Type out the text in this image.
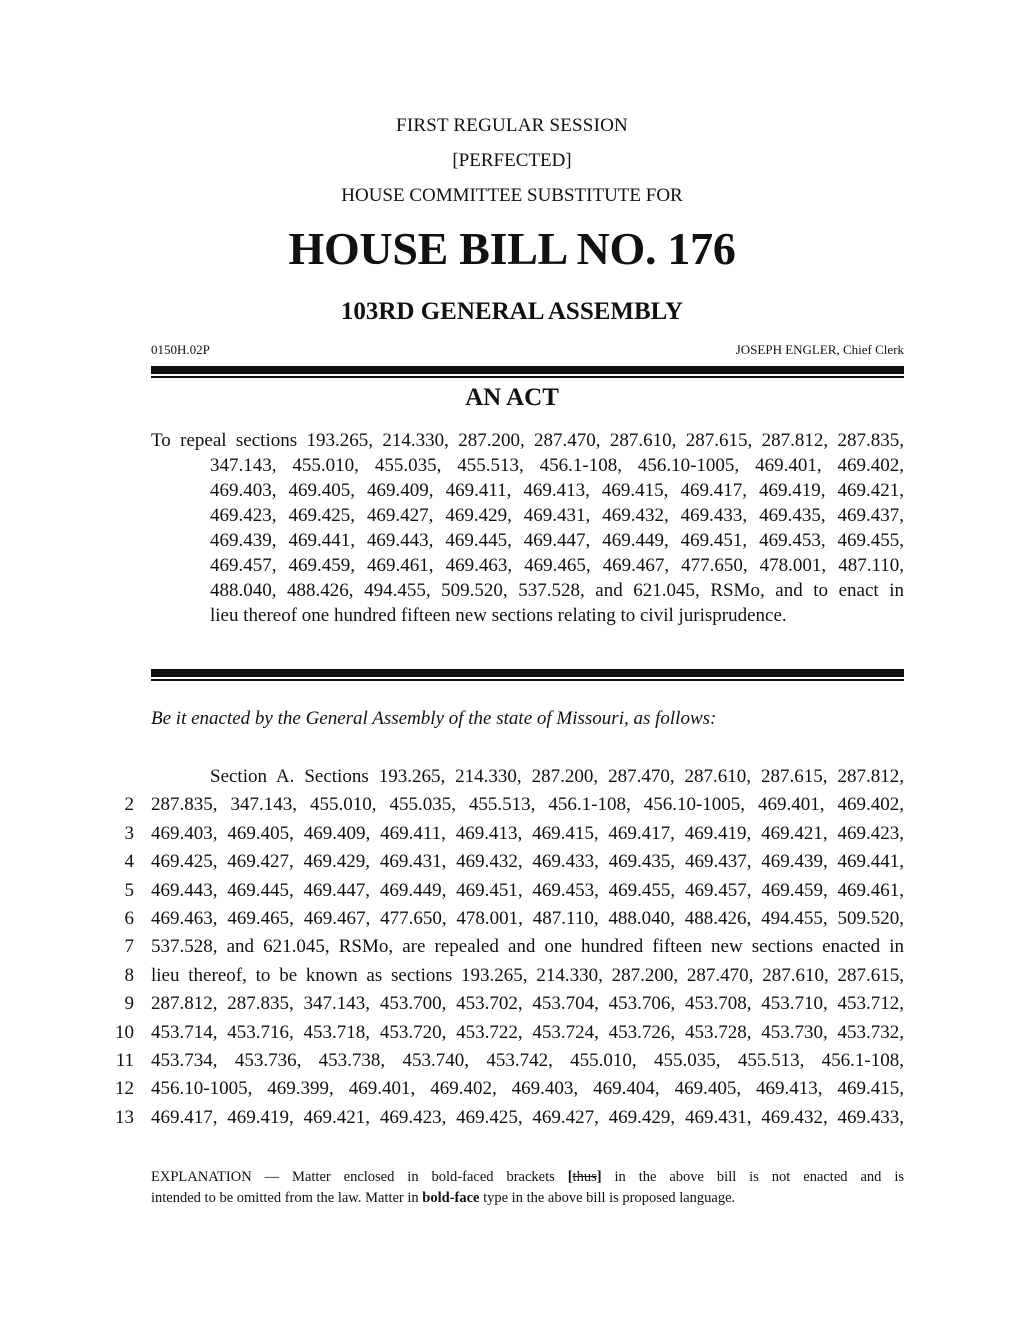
FIRST REGULAR SESSION
[PERFECTED]
HOUSE COMMITTEE SUBSTITUTE FOR
HOUSE BILL NO. 176
103RD GENERAL ASSEMBLY
0150H.02P	JOSEPH ENGLER, Chief Clerk
AN ACT
To repeal sections 193.265, 214.330, 287.200, 287.470, 287.610, 287.615, 287.812, 287.835,
347.143, 455.010, 455.035, 455.513, 456.1-108, 456.10-1005, 469.401, 469.402,
469.403, 469.405, 469.409, 469.411, 469.413, 469.415, 469.417, 469.419, 469.421,
469.423, 469.425, 469.427, 469.429, 469.431, 469.432, 469.433, 469.435, 469.437,
469.439, 469.441, 469.443, 469.445, 469.447, 469.449, 469.451, 469.453, 469.455,
469.457, 469.459, 469.461, 469.463, 469.465, 469.467, 477.650, 478.001, 487.110,
488.040, 488.426, 494.455, 509.520, 537.528, and 621.045, RSMo, and to enact in
lieu thereof one hundred fifteen new sections relating to civil jurisprudence.
Be it enacted by the General Assembly of the state of Missouri, as follows:
Section A. Sections 193.265, 214.330, 287.200, 287.470, 287.610, 287.615, 287.812,
2 287.835, 347.143, 455.010, 455.035, 455.513, 456.1-108, 456.10-1005, 469.401, 469.402,
3 469.403, 469.405, 469.409, 469.411, 469.413, 469.415, 469.417, 469.419, 469.421, 469.423,
4 469.425, 469.427, 469.429, 469.431, 469.432, 469.433, 469.435, 469.437, 469.439, 469.441,
5 469.443, 469.445, 469.447, 469.449, 469.451, 469.453, 469.455, 469.457, 469.459, 469.461,
6 469.463, 469.465, 469.467, 477.650, 478.001, 487.110, 488.040, 488.426, 494.455, 509.520,
7 537.528, and 621.045, RSMo, are repealed and one hundred fifteen new sections enacted in
8 lieu thereof, to be known as sections 193.265, 214.330, 287.200, 287.470, 287.610, 287.615,
9 287.812, 287.835, 347.143, 453.700, 453.702, 453.704, 453.706, 453.708, 453.710, 453.712,
10 453.714, 453.716, 453.718, 453.720, 453.722, 453.724, 453.726, 453.728, 453.730, 453.732,
11 453.734, 453.736, 453.738, 453.740, 453.742, 455.010, 455.035, 455.513, 456.1-108,
12 456.10-1005, 469.399, 469.401, 469.402, 469.403, 469.404, 469.405, 469.413, 469.415,
13 469.417, 469.419, 469.421, 469.423, 469.425, 469.427, 469.429, 469.431, 469.432, 469.433,
EXPLANATION — Matter enclosed in bold-faced brackets [thus] in the above bill is not enacted and is
intended to be omitted from the law. Matter in bold-face type in the above bill is proposed language.
